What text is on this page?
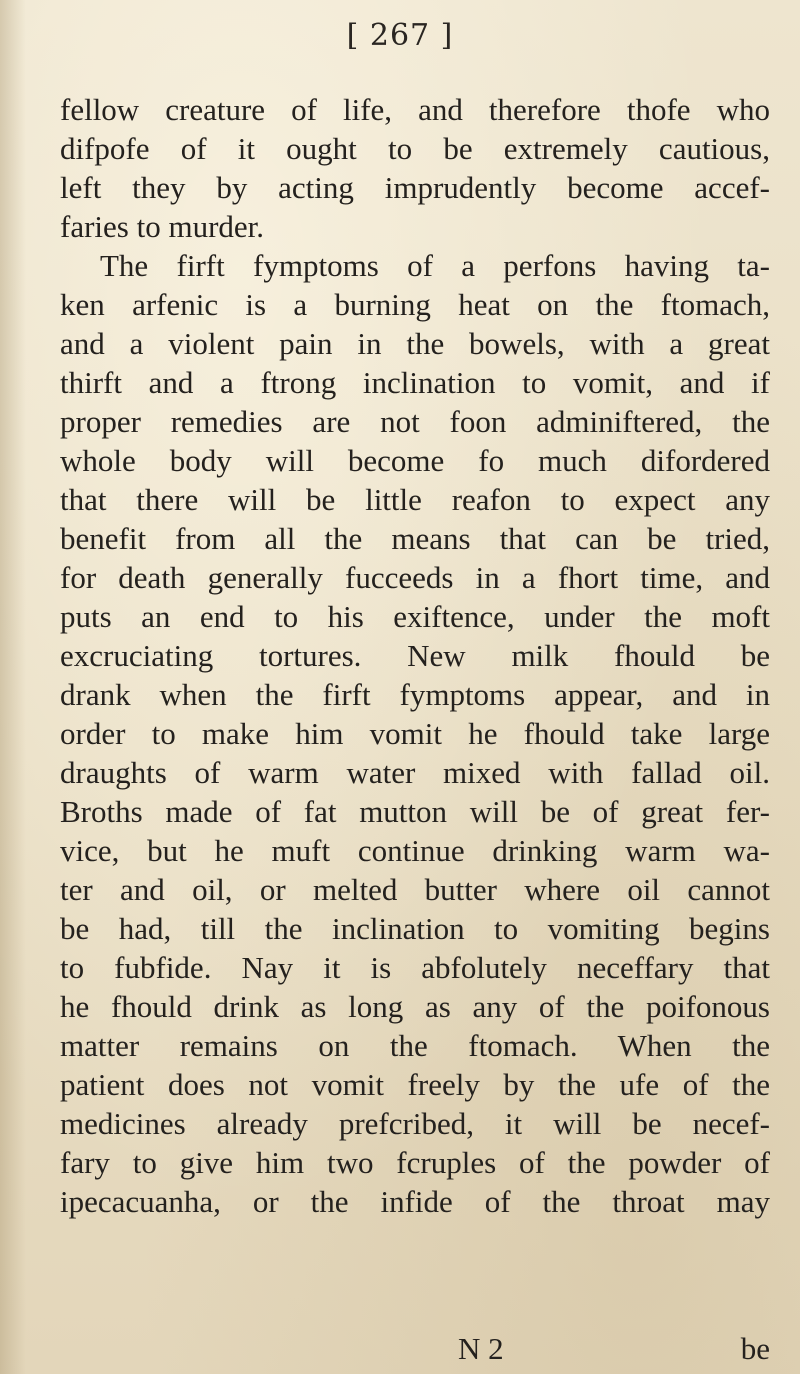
[ 267 ]
fellow creature of life, and therefore thofe who
difpofe of it ought to be extremely cautious,
left they by acting imprudently become accef-
faries to murder.
The firft fymptoms of a perfons having ta-
ken arfenic is a burning heat on the ftomach,
and a violent pain in the bowels, with a great
thirft and a ftrong inclination to vomit, and if
proper remedies are not foon adminiftered, the
whole body will become fo much difordered
that there will be little reafon to expect any
benefit from all the means that can be tried,
for death generally fucceeds in a fhort time, and
puts an end to his exiftence, under the moft
excruciating tortures. New milk fhould be
drank when the firft fymptoms appear, and in
order to make him vomit he fhould take large
draughts of warm water mixed with fallad oil.
Broths made of fat mutton will be of great fer-
vice, but he muft continue drinking warm wa-
ter and oil, or melted butter where oil cannot
be had, till the inclination to vomiting begins
to fubfide. Nay it is abfolutely neceffary that
he fhould drink as long as any of the poifonous
matter remains on the ftomach. When the
patient does not vomit freely by the ufe of the
medicines already prefcribed, it will be necef-
fary to give him two fcruples of the powder of
ipecacuanha, or the infide of the throat may
N 2	be
